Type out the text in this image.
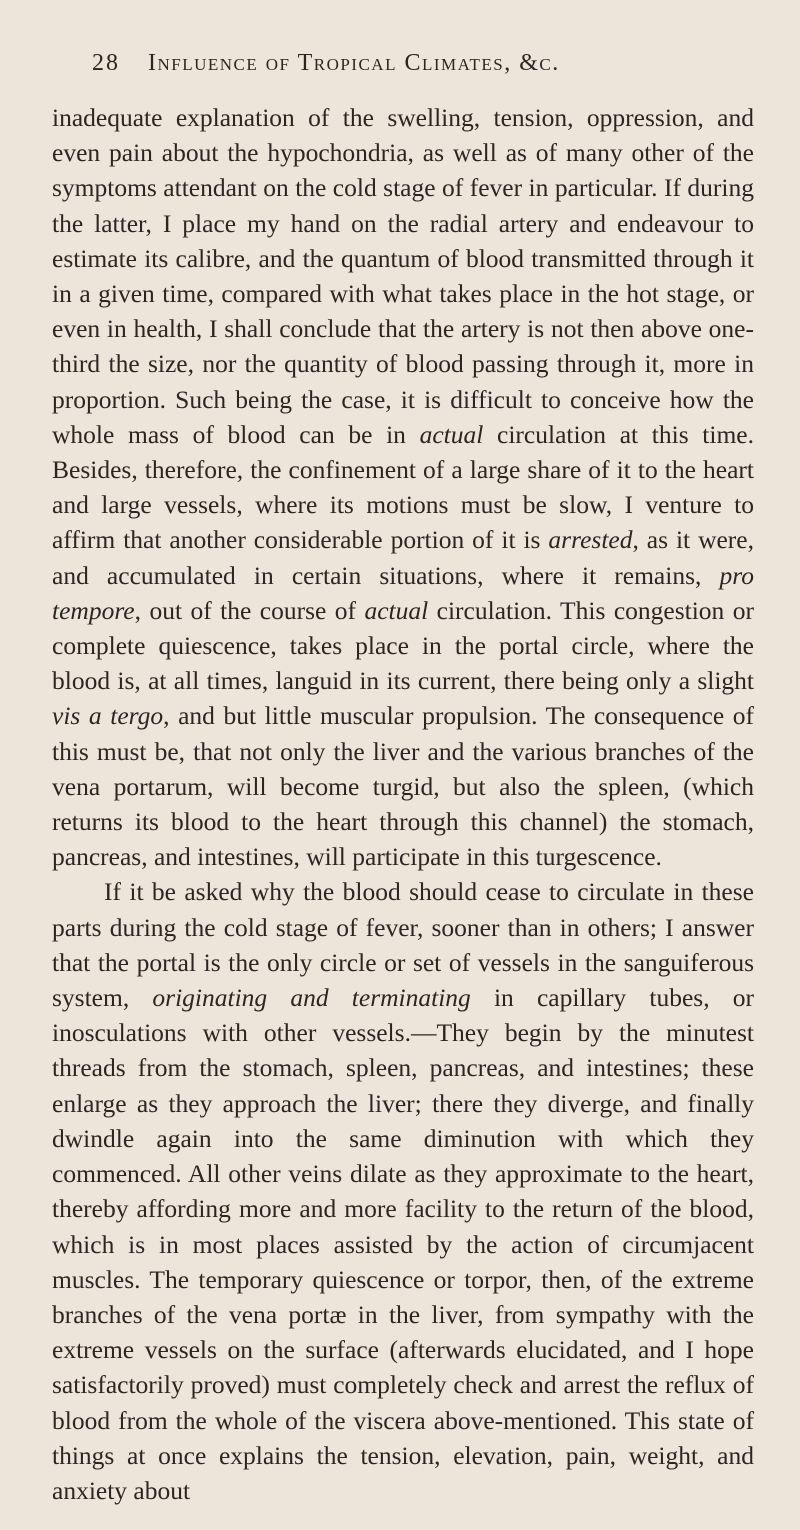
28	Influence of Tropical Climates, &c.

inadequate explanation of the swelling, tension, oppression, and even pain about the hypochondria, as well as of many other of the symptoms attendant on the cold stage of fever in particular. If during the latter, I place my hand on the radial artery and endeavour to estimate its calibre, and the quantum of blood transmitted through it in a given time, compared with what takes place in the hot stage, or even in health, I shall conclude that the artery is not then above one-third the size, nor the quantity of blood passing through it, more in proportion. Such being the case, it is difficult to conceive how the whole mass of blood can be in actual circulation at this time. Besides, therefore, the confinement of a large share of it to the heart and large vessels, where its motions must be slow, I venture to affirm that another considerable portion of it is arrested, as it were, and accumulated in certain situations, where it remains, pro tempore, out of the course of actual circulation. This congestion or complete quiescence, takes place in the portal circle, where the blood is, at all times, languid in its current, there being only a slight vis a tergo, and but little muscular propulsion. The consequence of this must be, that not only the liver and the various branches of the vena portarum, will become turgid, but also the spleen, (which returns its blood to the heart through this channel) the stomach, pancreas, and intestines, will participate in this turgescence.

If it be asked why the blood should cease to circulate in these parts during the cold stage of fever, sooner than in others; I answer that the portal is the only circle or set of vessels in the sanguiferous system, originating and terminating in capillary tubes, or inosculations with other vessels.—They begin by the minutest threads from the stomach, spleen, pancreas, and intestines; these enlarge as they approach the liver; there they diverge, and finally dwindle again into the same diminution with which they commenced. All other veins dilate as they approximate to the heart, thereby affording more and more facility to the return of the blood, which is in most places assisted by the action of circumjacent muscles. The temporary quiescence or torpor, then, of the extreme branches of the vena portæ in the liver, from sympathy with the extreme vessels on the surface (afterwards elucidated, and I hope satisfactorily proved) must completely check and arrest the reflux of blood from the whole of the viscera above-mentioned. This state of things at once explains the tension, elevation, pain, weight, and anxiety about
